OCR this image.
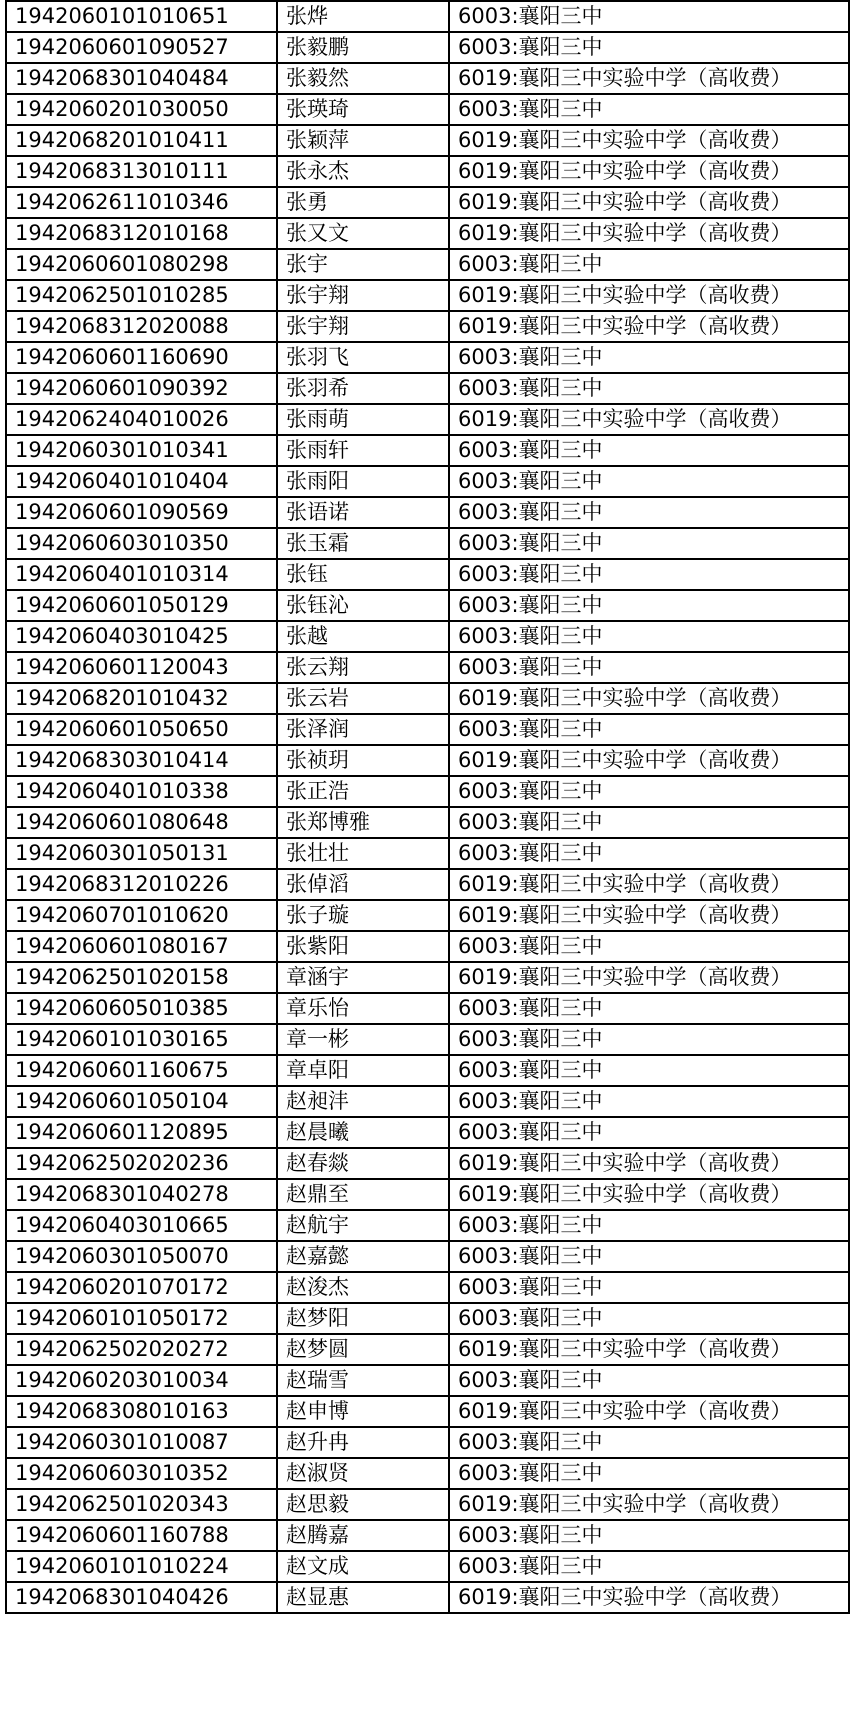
1942060101010651	张烨	6003:襄阳三中
1942060601090527	张毅鹏	6003:襄阳三中
1942068301040484	张毅然	6019:襄阳三中实验中学（高收费）
1942060201030050	张瑛琦	6003:襄阳三中
1942068201010411	张颖萍	6019:襄阳三中实验中学（高收费）
1942068313010111	张永杰	6019:襄阳三中实验中学（高收费）
1942062611010346	张勇	6019:襄阳三中实验中学（高收费）
1942068312010168	张又文	6019:襄阳三中实验中学（高收费）
1942060601080298	张宇	6003:襄阳三中
1942062501010285	张宇翔	6019:襄阳三中实验中学（高收费）
1942068312020088	张宇翔	6019:襄阳三中实验中学（高收费）
1942060601160690	张羽飞	6003:襄阳三中
1942060601090392	张羽希	6003:襄阳三中
1942062404010026	张雨萌	6019:襄阳三中实验中学（高收费）
1942060301010341	张雨轩	6003:襄阳三中
1942060401010404	张雨阳	6003:襄阳三中
1942060601090569	张语诺	6003:襄阳三中
1942060603010350	张玉霜	6003:襄阳三中
1942060401010314	张钰	6003:襄阳三中
1942060601050129	张钰沁	6003:襄阳三中
1942060403010425	张越	6003:襄阳三中
1942060601120043	张云翔	6003:襄阳三中
1942068201010432	张云岩	6019:襄阳三中实验中学（高收费）
1942060601050650	张泽润	6003:襄阳三中
1942068303010414	张祯玥	6019:襄阳三中实验中学（高收费）
1942060401010338	张正浩	6003:襄阳三中
1942060601080648	张郑博雅	6003:襄阳三中
1942060301050131	张壮壮	6003:襄阳三中
1942068312010226	张倬滔	6019:襄阳三中实验中学（高收费）
1942060701010620	张子璇	6019:襄阳三中实验中学（高收费）
1942060601080167	张紫阳	6003:襄阳三中
1942062501020158	章涵宇	6019:襄阳三中实验中学（高收费）
1942060605010385	章乐怡	6003:襄阳三中
1942060101030165	章一彬	6003:襄阳三中
1942060601160675	章卓阳	6003:襄阳三中
1942060601050104	赵昶沣	6003:襄阳三中
1942060601120895	赵晨曦	6003:襄阳三中
1942062502020236	赵春燚	6019:襄阳三中实验中学（高收费）
1942068301040278	赵鼎至	6019:襄阳三中实验中学（高收费）
1942060403010665	赵航宇	6003:襄阳三中
1942060301050070	赵嘉懿	6003:襄阳三中
1942060201070172	赵浚杰	6003:襄阳三中
1942060101050172	赵梦阳	6003:襄阳三中
1942062502020272	赵梦圆	6019:襄阳三中实验中学（高收费）
1942060203010034	赵瑞雪	6003:襄阳三中
1942068308010163	赵申博	6019:襄阳三中实验中学（高收费）
1942060301010087	赵升冉	6003:襄阳三中
1942060603010352	赵淑贤	6003:襄阳三中
1942062501020343	赵思毅	6019:襄阳三中实验中学（高收费）
1942060601160788	赵腾嘉	6003:襄阳三中
1942060101010224	赵文成	6003:襄阳三中
1942068301040426	赵显惠	6019:襄阳三中实验中学（高收费）
